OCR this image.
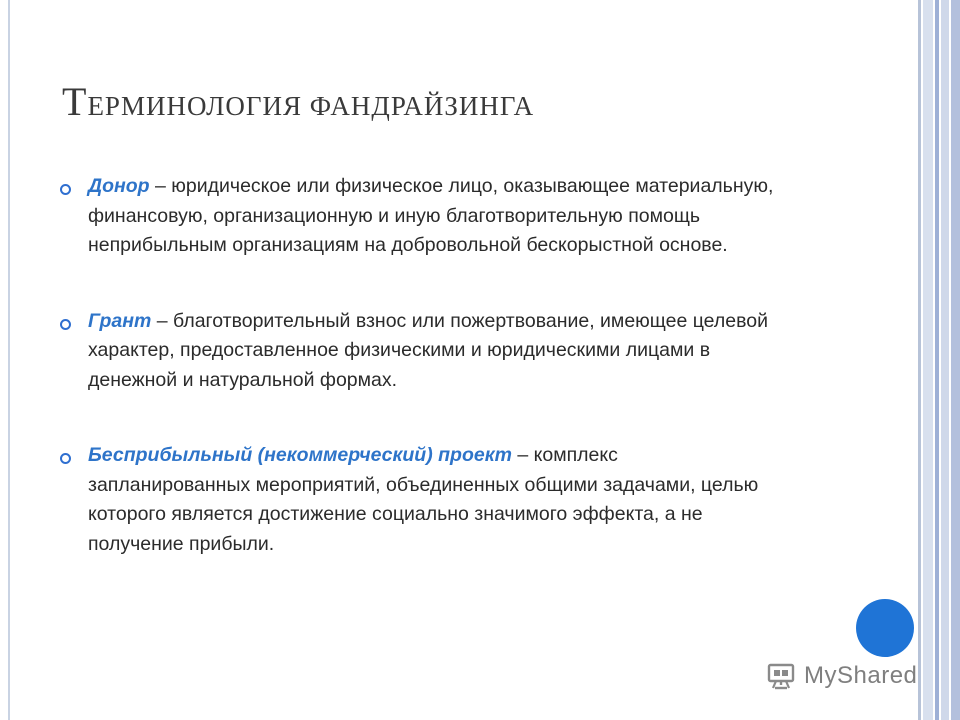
ТЕРМИНОЛОГИЯ ФАНДРАЙЗИНГА
Донор – юридическое или физическое лицо, оказывающее материальную, финансовую, организационную и иную благотворительную помощь неприбыльным организациям на добровольной бескорыстной основе.
Грант – благотворительный взнос или пожертвование, имеющее целевой характер, предоставленное физическими и юридическими лицами в денежной и натуральной формах.
Бесприбыльный (некоммерческий) проект – комплекс запланированных мероприятий, объединенных общими задачами, целью которого является достижение социально значимого эффекта, а не получение прибыли.
MyShared
